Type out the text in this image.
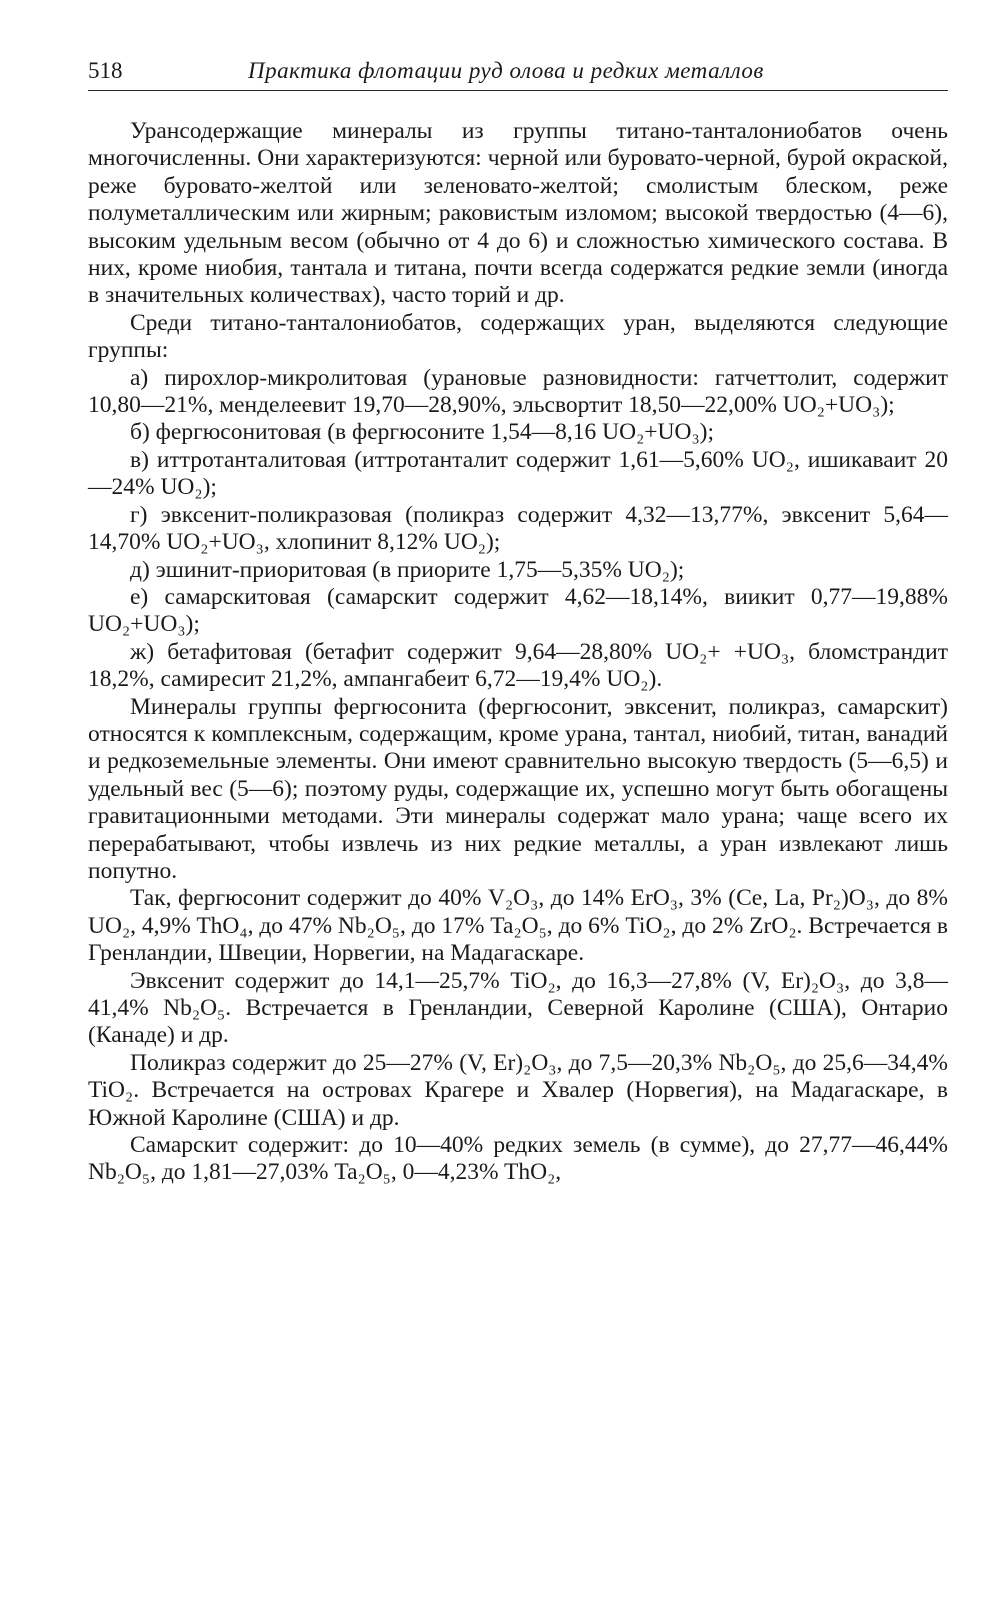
518	Практика флотации руд олова и редких металлов

Урансодержащие минералы из группы титано-танталониобатов очень многочисленны. Они характеризуются: черной или буровато-черной, бурой окраской, реже буровато-желтой или зеленовато-желтой; смолистым блеском, реже полуметаллическим или жирным; раковистым изломом; высокой твердостью (4—6), высоким удельным весом (обычно от 4 до 6) и сложностью химического состава. В них, кроме ниобия, тантала и титана, почти всегда содержатся редкие земли (иногда в значительных количествах), часто торий и др.

Среди титано-танталониобатов, содержащих уран, выделяются следующие группы:

а) пирохлор-микролитовая (урановые разновидности: гатчеттолит, содержит 10,80—21%, менделеевит 19,70—28,90%, эльсвортит 18,50—22,00% UO₂+UO₃);

б) фергюсонитовая (в фергюсоните 1,54—8,16 UO₂+UO₃);

в) иттротанталитовая (иттротанталит содержит 1,61—5,60% UO₂, ишикаваит 20—24% UO₂);

г) эвксенит-поликразовая (поликраз содержит 4,32—13,77%, эвксенит 5,64—14,70% UO₂+UO₃, хлопинит 8,12% UO₂);

д) эшинит-приоритовая (в приорите 1,75—5,35% UO₂);

е) самарскитовая (самарскит содержит 4,62—18,14%, виикит 0,77—19,88% UO₂+UO₃);

ж) бетафитовая (бетафит содержит 9,64—28,80% UO₂+ +UO₃, бломстрандит 18,2%, самиресит 21,2%, ампангабеит 6,72—19,4% UO₂).

Минералы группы фергюсонита (фергюсонит, эвксенит, поликраз, самарскит) относятся к комплексным, содержащим, кроме урана, тантал, ниобий, титан, ванадий и редкоземельные элементы. Они имеют сравнительно высокую твердость (5—6,5) и удельный вес (5—6); поэтому руды, содержащие их, успешно могут быть обогащены гравитационными методами. Эти минералы содержат мало урана; чаще всего их перерабатывают, чтобы извлечь из них редкие металлы, а уран извлекают лишь попутно.

Так, фергюсонит содержит до 40% V₂O₃, до 14% ErO₃, 3% (Ce, La, Pr₂)O₃, до 8% UO₂, 4,9% ThO₄, до 47% Nb₂O₅, до 17% Ta₂O₅, до 6% TiO₂, до 2% ZrO₂. Встречается в Гренландии, Швеции, Норвегии, на Мадагаскаре.

Эвксенит содержит до 14,1—25,7% TiO₂, до 16,3—27,8% (V, Er)₂O₃, до 3,8—41,4% Nb₂O₅. Встречается в Гренландии, Северной Каролине (США), Онтарио (Канаде) и др.

Поликраз содержит до 25—27% (V, Er)₂O₃, до 7,5—20,3% Nb₂O₅, до 25,6—34,4% TiO₂. Встречается на островах Крагере и Хвалер (Норвегия), на Мадагаскаре, в Южной Каролине (США) и др.

Самарскит содержит: до 10—40% редких земель (в сумме), до 27,77—46,44% Nb₂O₅, до 1,81—27,03% Ta₂O₅, 0—4,23% ThO₂,
